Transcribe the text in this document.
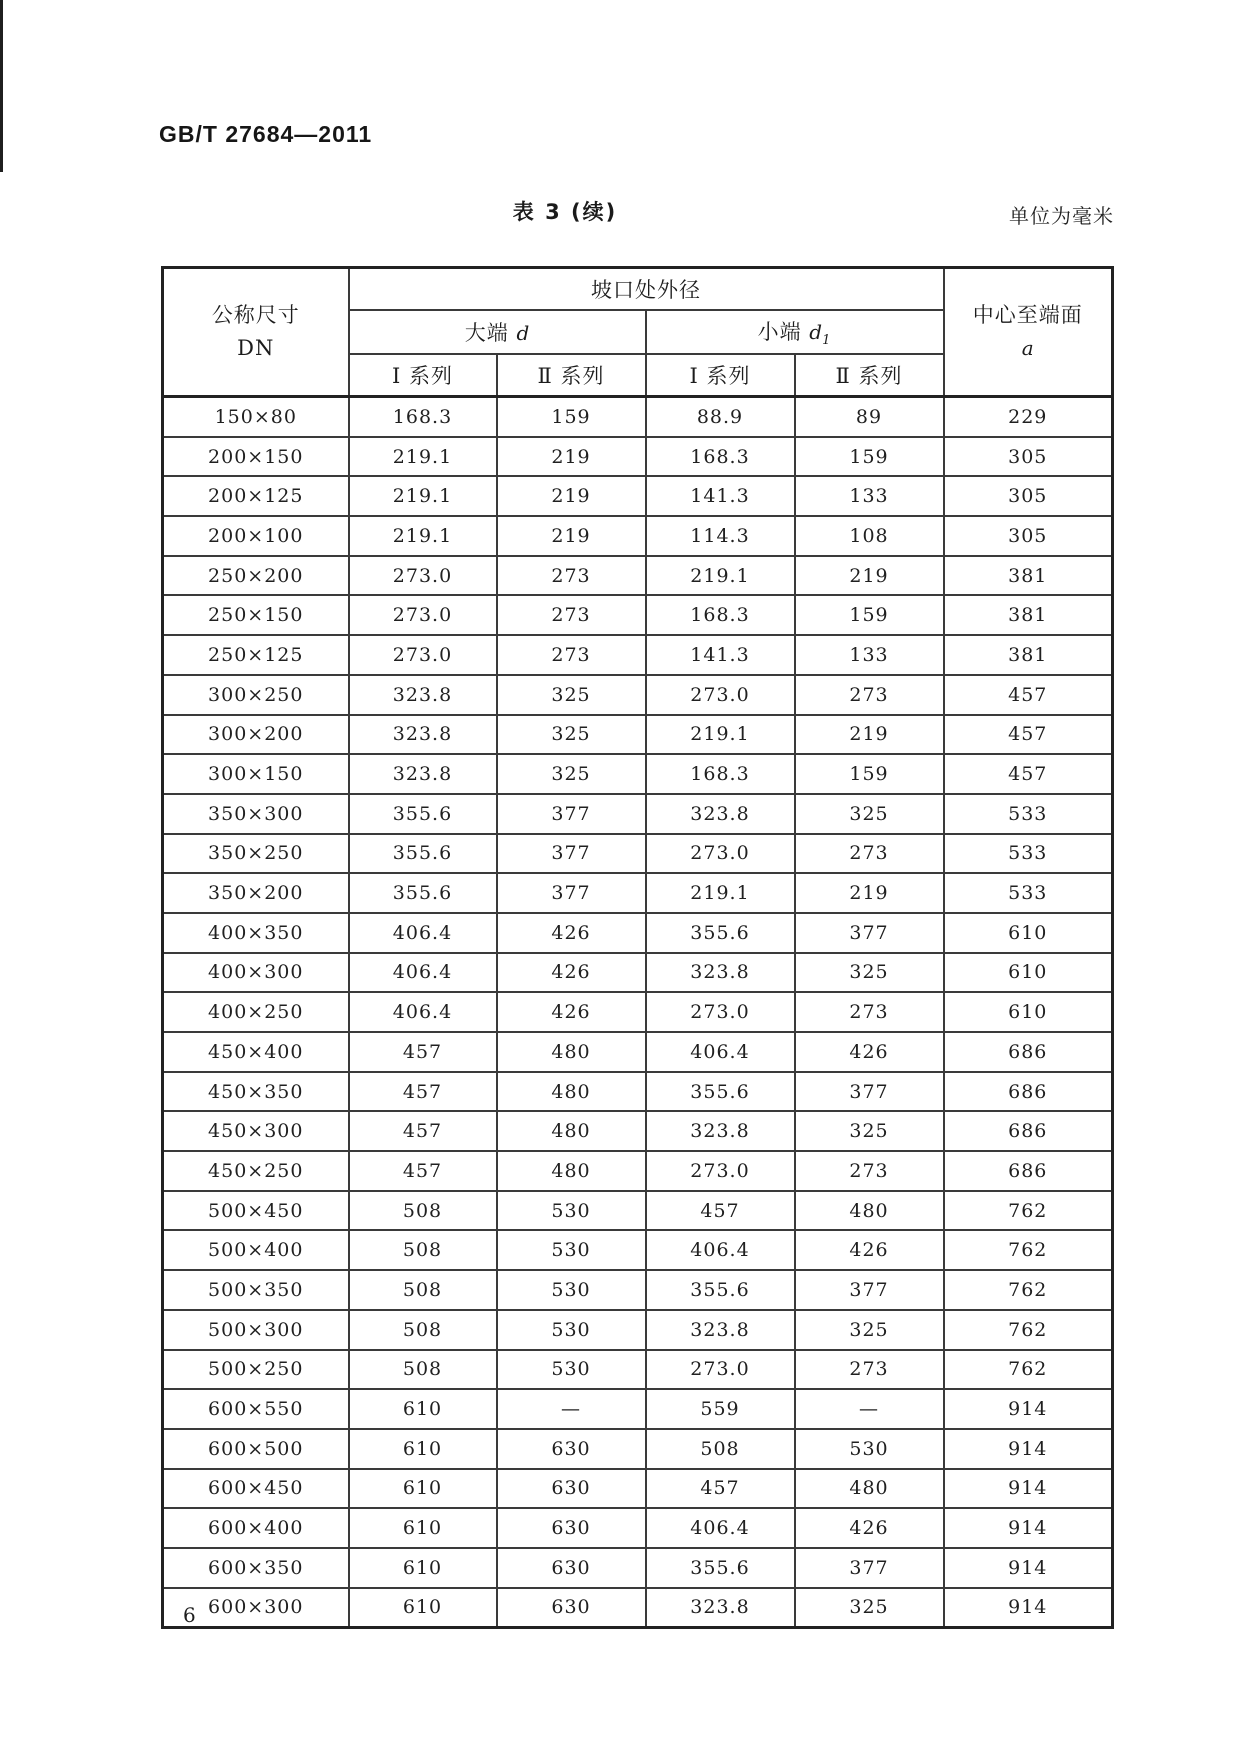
GB/T 27684—2011
表 3 (续)	单位为毫米
公称尺寸
DN	坡口处外径				中心至端面
a

	大端 d		小端 $d_1$
	Ⅰ 系列	Ⅱ 系列	Ⅰ 系列	Ⅱ 系列	
150×80	168.3	159	88.9	89	229
200×150	219.1	219	168.3	159	305
200×125	219.1	219	141.3	133	305
200×100	219.1	219	114.3	108	305
250×200	273.0	273	219.1	219	381
250×150	273.0	273	168.3	159	381
250×125	273.0	273	141.3	133	381
300×250	323.8	325	273.0	273	457
300×200	323.8	325	219.1	219	457
300×150	323.8	325	168.3	159	457
350×300	355.6	377	323.8	325	533
350×250	355.6	377	273.0	273	533
350×200	355.6	377	219.1	219	533
400×350	406.4	426	355.6	377	610
400×300	406.4	426	323.8	325	610
400×250	406.4	426	273.0	273	610
450×400	457	480	406.4	426	686
450×350	457	480	355.6	377	686
450×300	457	480	323.8	325	686
450×250	457	480	273.0	273	686
500×450	508	530	457	480	762
500×400	508	530	406.4	426	762
500×350	508	530	355.6	377	762
500×300	508	530	323.8	325	762
500×250	508	530	273.0	273	762
600×550	610	—	559	—	914
600×500	610	630	508	530	914
600×450	610	630	457	480	914
600×400	610	630	406.4	426	914
600×350	610	630	355.6	377	914
600×300	610	630	323.8	325	914
6
